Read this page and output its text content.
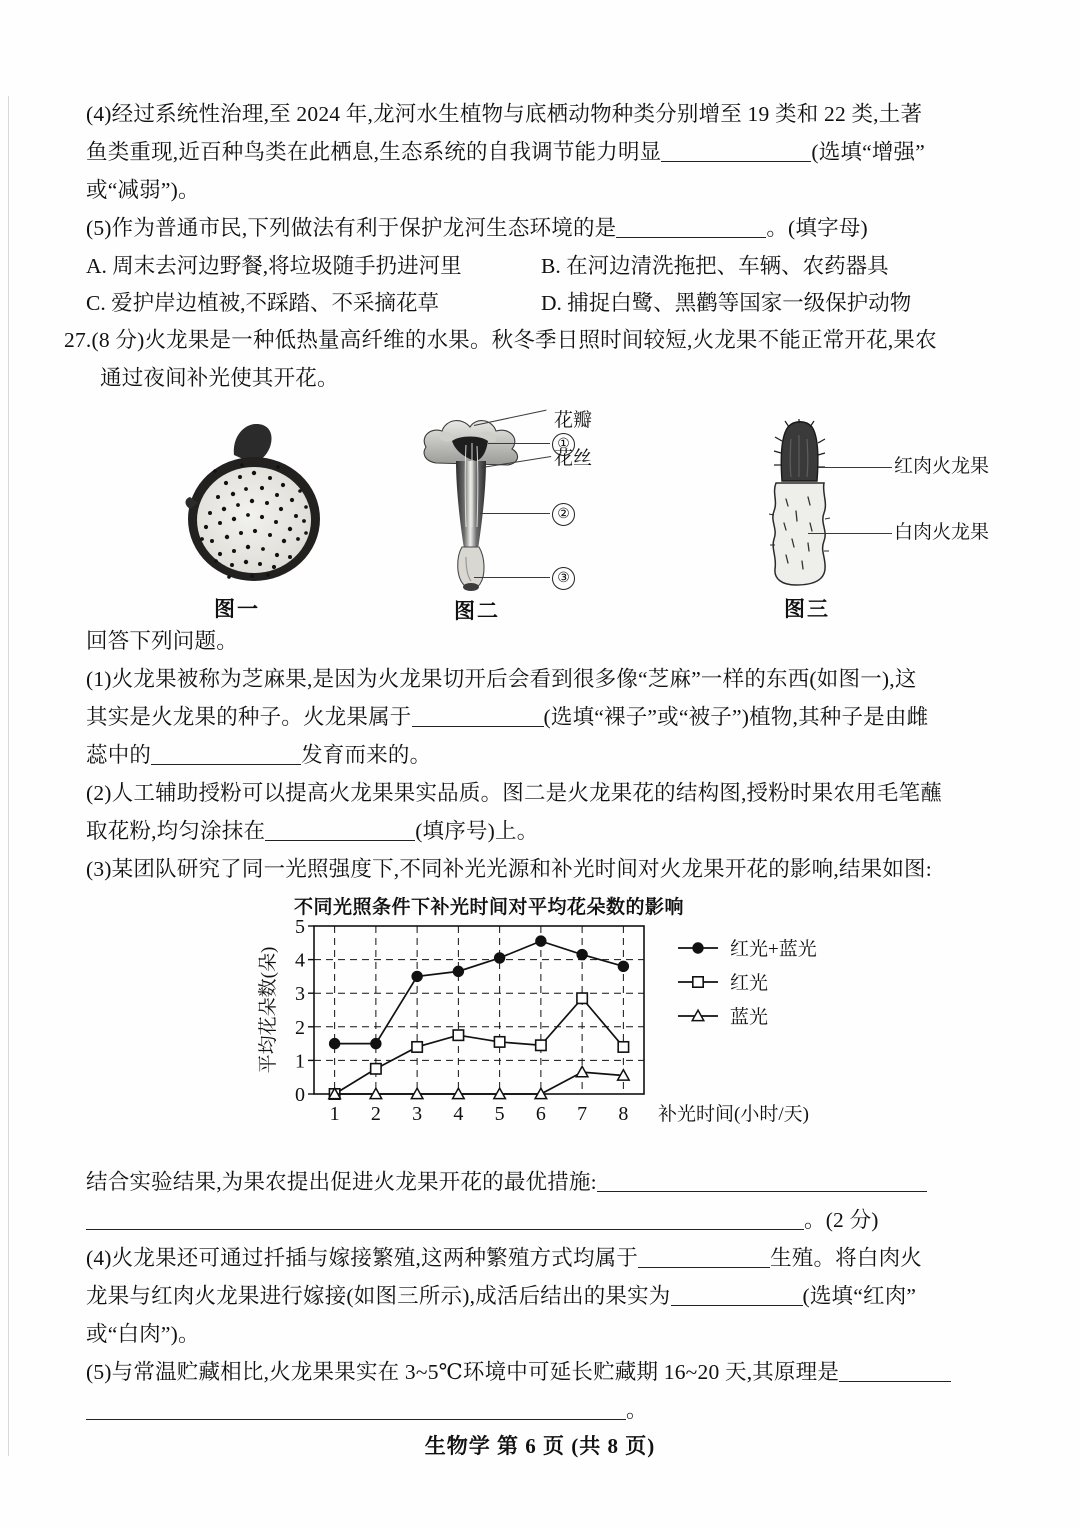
(4)经过系统性治理,至 2024 年,龙河水生植物与底栖动物种类分别增至 19 类和 22 类,土著
鱼类重现,近百种鸟类在此栖息,生态系统的自我调节能力明显	(选填“增强”
或“减弱”)。
(5)作为普通市民,下列做法有利于保护龙河生态环境的是	。(填字母)
A. 周末去河边野餐,将垃圾随手扔进河里	B. 在河边清洗拖把、车辆、农药器具
C. 爱护岸边植被,不踩踏、不采摘花草	D. 捕捉白鹭、黑鹳等国家一级保护动物
27.(8 分) 火龙果是一种低热量高纤维的水果。秋冬季日照时间较短,火龙果不能正常开花,果农
通过夜间补光使其开花。
图一
花瓣
①
花丝
②
③
图二
红肉火龙果
白肉火龙果
图三
回答下列问题。
(1)火龙果被称为芝麻果,是因为火龙果切开后会看到很多像“芝麻”一样的东西(如图一),这
其实是火龙果的种子。火龙果属于	(选填“裸子”或“被子”)植物,其种子是由雌
蕊中的	发育而来的。
(2)人工辅助授粉可以提高火龙果果实品质。图二是火龙果花的结构图,授粉时果农用毛笔蘸
取花粉,均匀涂抹在	(填序号)上。
(3)某团队研究了同一光照强度下,不同补光光源和补光时间对火龙果开花的影响,结果如图:
不同光照条件下补光时间对平均花朵数的影响
0
1
2
3
4
5
1 2 3 4 5 6 7 8 补光时间(小时/天)
平均花朵数(朵)	红光+蓝光
红光
蓝光
结合实验结果,为果农提出促进火龙果开花的最优措施:
。(2 分)
(4)火龙果还可通过扦插与嫁接繁殖,这两种繁殖方式均属于	生殖。将白肉火
龙果与红肉火龙果进行嫁接(如图三所示),成活后结出的果实为	(选填“红肉”
或“白肉”)。
(5)与常温贮藏相比,火龙果果实在 3~5℃环境中可延长贮藏期 16~20 天,其原理是
。
生物学 第 6 页 (共 8 页)
